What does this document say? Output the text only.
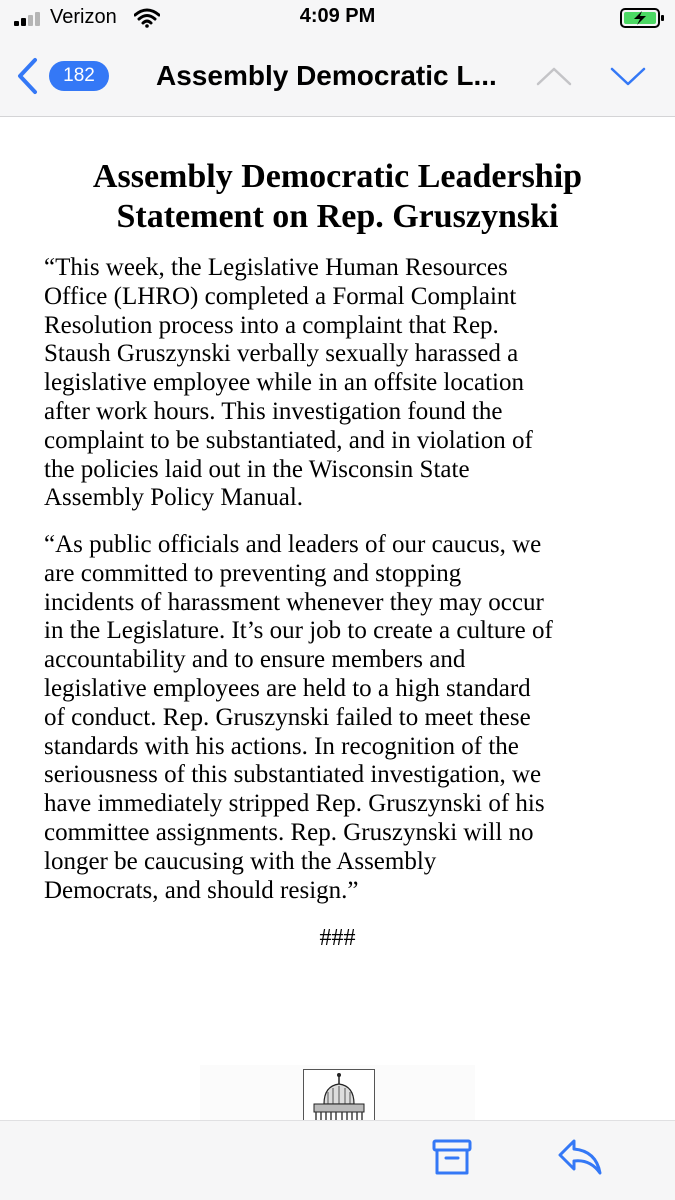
Verizon	4:09 PM
182	Assembly Democratic L...
Assembly Democratic Leadership
Statement on Rep. Gruszynski
“This week, the Legislative Human Resources
Office (LHRO) completed a Formal Complaint
Resolution process into a complaint that Rep.
Staush Gruszynski verbally sexually harassed a
legislative employee while in an offsite location
after work hours. This investigation found the
complaint to be substantiated, and in violation of
the policies laid out in the Wisconsin State
Assembly Policy Manual.
“As public officials and leaders of our caucus, we
are committed to preventing and stopping
incidents of harassment whenever they may occur
in the Legislature. It’s our job to create a culture of
accountability and to ensure members and
legislative employees are held to a high standard
of conduct. Rep. Gruszynski failed to meet these
standards with his actions. In recognition of the
seriousness of this substantiated investigation, we
have immediately stripped Rep. Gruszynski of his
committee assignments. Rep. Gruszynski will no
longer be caucusing with the Assembly
Democrats, and should resign.”
###
